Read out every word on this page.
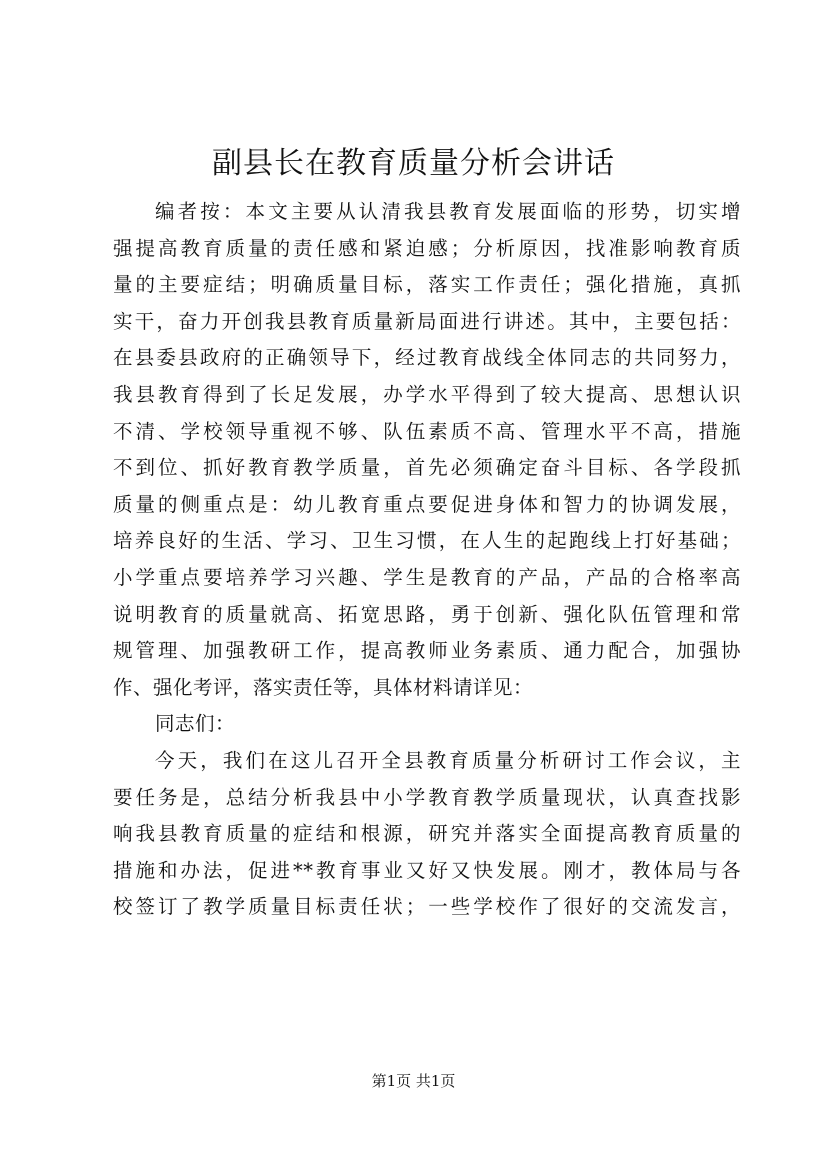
副县长在教育质量分析会讲话
编者按：本文主要从认清我县教育发展面临的形势，切实增
强提高教育质量的责任感和紧迫感；分析原因，找准影响教育质
量的主要症结；明确质量目标，落实工作责任；强化措施，真抓
实干，奋力开创我县教育质量新局面进行讲述。其中，主要包括：
在县委县政府的正确领导下，经过教育战线全体同志的共同努力，
我县教育得到了长足发展，办学水平得到了较大提高、思想认识
不清、学校领导重视不够、队伍素质不高、管理水平不高，措施
不到位、抓好教育教学质量，首先必须确定奋斗目标、各学段抓
质量的侧重点是：幼儿教育重点要促进身体和智力的协调发展，
培养良好的生活、学习、卫生习惯，在人生的起跑线上打好基础；
小学重点要培养学习兴趣、学生是教育的产品，产品的合格率高
说明教育的质量就高、拓宽思路，勇于创新、强化队伍管理和常
规管理、加强教研工作，提高教师业务素质、通力配合，加强协
作、强化考评，落实责任等，具体材料请详见：
同志们：
今天，我们在这儿召开全县教育质量分析研讨工作会议，主
要任务是，总结分析我县中小学教育教学质量现状，认真查找影
响我县教育质量的症结和根源，研究并落实全面提高教育质量的
措施和办法，促进**教育事业又好又快发展。刚才，教体局与各
校签订了教学质量目标责任状；一些学校作了很好的交流发言，
第1页 共1页
